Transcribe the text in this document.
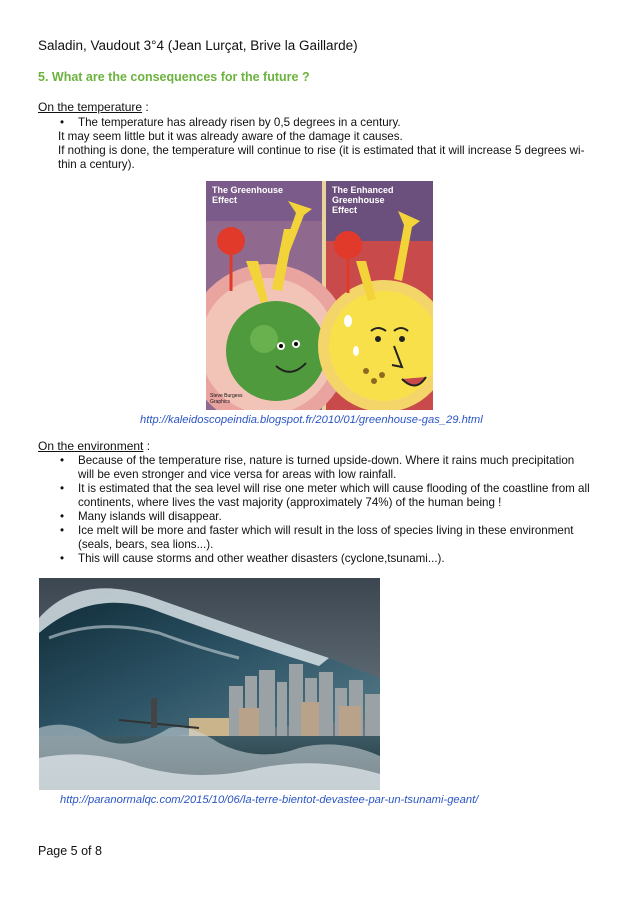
Saladin, Vaudout 3°4 (Jean Lurçat, Brive la Gaillarde)
5. What are the consequences for the future ?
On the temperature :
• The temperature has already risen by 0,5 degrees in a century.
It may seem little but it was already aware of the damage it causes.
If nothing is done, the temperature will continue to rise (it is estimated that it will increase 5 degrees wi-
thin a century).
The Greenhouse Effect
The Enhanced Greenhouse Effect
Steve Burgess Graphics
http://kaleidoscopeindia.blogspot.fr/2010/01/greenhouse-gas_29.html
On the environment :
• Because of the temperature rise, nature is turned upside-down. Where it rains much precipitation
will be even stronger and vice versa for areas with low rainfall.
• It is estimated that the sea level will rise one meter which will cause flooding of the coastline from all
continents, where lives the vast majority (approximately 74%) of the human being !
• Many islands will disappear.
• Ice melt will be more and faster which will result in the loss of species living in these environment
(seals, bears, sea lions...).
• This will cause storms and other weather disasters (cyclone,tsunami...).
http://paranormalqc.com/2015/10/06/la-terre-bientot-devastee-par-un-tsunami-geant/
Page 5 of 8
